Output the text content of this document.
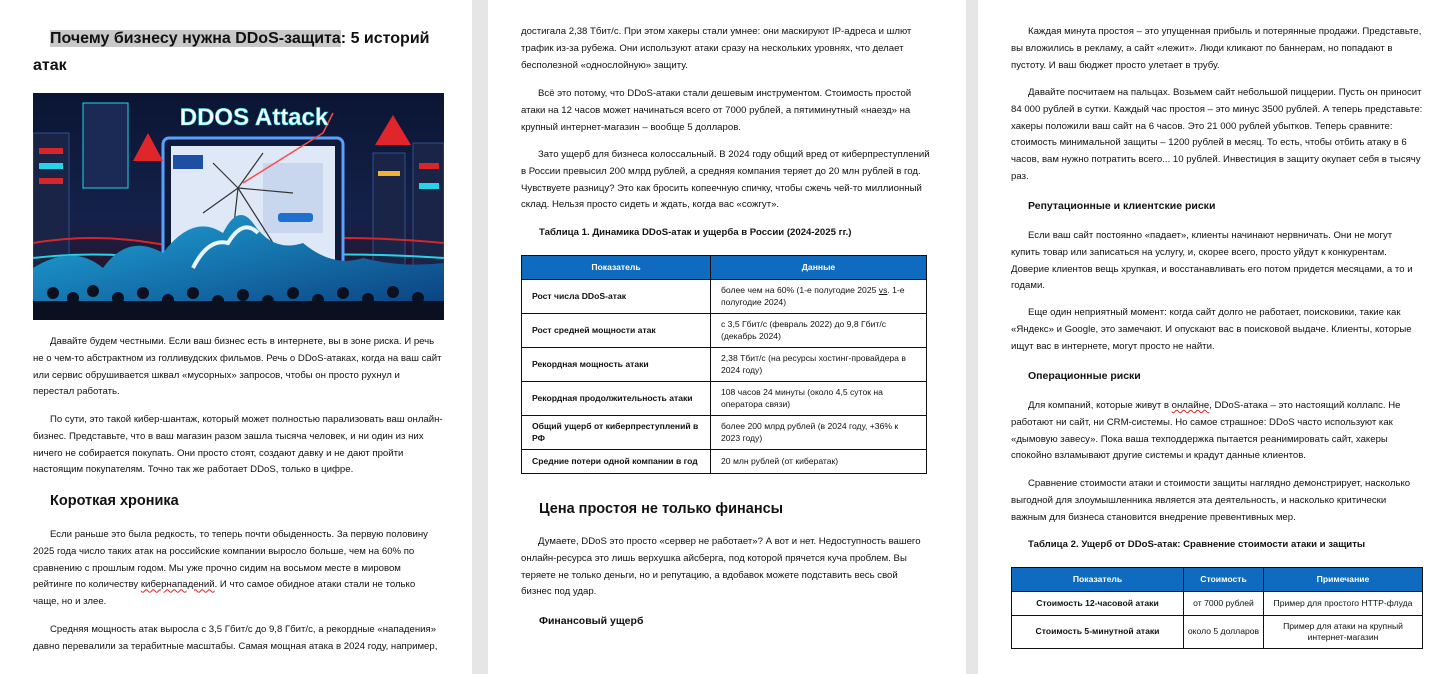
Почему бизнесу нужна DDoS-защита: 5 историй атак
DDOS Attack
Давайте будем честными. Если ваш бизнес есть в интернете, вы в зоне риска. И речь не о чем-то абстрактном из голливудских фильмов. Речь о DDoS-атаках, когда на ваш сайт или сервис обрушивается шквал «мусорных» запросов, чтобы он просто рухнул и перестал работать.
По сути, это такой кибер-шантаж, который может полностью парализовать ваш онлайн-бизнес. Представьте, что в ваш магазин разом зашла тысяча человек, и ни один из них ничего не собирается покупать. Они просто стоят, создают давку и не дают пройти настоящим покупателям. Точно так же работает DDoS, только в цифре.
Короткая хроника
Если раньше это была редкость, то теперь почти обыденность. За первую половину 2025 года число таких атак на российские компании выросло больше, чем на 60% по сравнению с прошлым годом. Мы уже прочно сидим на восьмом месте в мировом рейтинге по количеству кибернападений. И что самое обидное атаки стали не только чаще, но и злее.
Средняя мощность атак выросла с 3,5 Гбит/с до 9,8 Гбит/с, а рекордные «нападения» давно перевалили за терабитные масштабы. Самая мощная атака в 2024 году, например,
достигала 2,38 Тбит/с. При этом хакеры стали умнее: они маскируют IP-адреса и шлют трафик из-за рубежа. Они используют атаки сразу на нескольких уровнях, что делает бесполезной «однослойную» защиту.
Всё это потому, что DDoS-атаки стали дешевым инструментом. Стоимость простой атаки на 12 часов может начинаться всего от 7000 рублей, а пятиминутный «наезд» на крупный интернет-магазин – вообще 5 долларов.
Зато ущерб для бизнеса колоссальный. В 2024 году общий вред от киберпреступлений в России превысил 200 млрд рублей, а средняя компания теряет до 20 млн рублей в год. Чувствуете разницу? Это как бросить копеечную спичку, чтобы сжечь чей-то миллионный склад. Нельзя просто сидеть и ждать, когда вас «сожгут».
Таблица 1. Динамика DDoS-атак и ущерба в России (2024-2025 гг.)
Показатель	Данные
Рост числа DDoS-атак	более чем на 60% (1-е полугодие 2025 vs. 1-е полугодие 2024)
Рост средней мощности атак	с 3,5 Гбит/с (февраль 2022) до 9,8 Гбит/с (декабрь 2024)
Рекордная мощность атаки	2,38 Тбит/с (на ресурсы хостинг-провайдера в 2024 году)
Рекордная продолжительность атаки	108 часов 24 минуты (около 4,5 суток на оператора связи)
Общий ущерб от киберпреступлений в РФ	более 200 млрд рублей (в 2024 году, +36% к 2023 году)
Средние потери одной компании в год	20 млн рублей (от кибератак)
Цена простоя не только финансы
Думаете, DDoS это просто «сервер не работает»? А вот и нет. Недоступность вашего онлайн-ресурса это лишь верхушка айсберга, под которой прячется куча проблем. Вы теряете не только деньги, но и репутацию, а вдобавок можете подставить весь свой бизнес под удар.
Финансовый ущерб
Каждая минута простоя – это упущенная прибыль и потерянные продажи. Представьте, вы вложились в рекламу, а сайт «лежит». Люди кликают по баннерам, но попадают в пустоту. И ваш бюджет просто улетает в трубу.
Давайте посчитаем на пальцах. Возьмем сайт небольшой пиццерии. Пусть он приносит 84 000 рублей в сутки. Каждый час простоя – это минус 3500 рублей. А теперь представьте: хакеры положили ваш сайт на 6 часов. Это 21 000 рублей убытков. Теперь сравните: стоимость минимальной защиты – 1200 рублей в месяц. То есть, чтобы отбить атаку в 6 часов, вам нужно потратить всего... 10 рублей. Инвестиция в защиту окупает себя в тысячу раз.
Репутационные и клиентские риски
Если ваш сайт постоянно «падает», клиенты начинают нервничать. Они не могут купить товар или записаться на услугу, и, скорее всего, просто уйдут к конкурентам. Доверие клиентов вещь хрупкая, и восстанавливать его потом придется месяцами, а то и годами.
Еще один неприятный момент: когда сайт долго не работает, поисковики, такие как «Яндекс» и Google, это замечают. И опускают вас в поисковой выдаче. Клиенты, которые ищут вас в интернете, могут просто не найти.
Операционные риски
Для компаний, которые живут в онлайне, DDoS-атака – это настоящий коллапс. Не работают ни сайт, ни CRM-системы. Но самое страшное: DDoS часто используют как «дымовую завесу». Пока ваша техподдержка пытается реанимировать сайт, хакеры спокойно взламывают другие системы и крадут данные клиентов.
Сравнение стоимости атаки и стоимости защиты наглядно демонстрирует, насколько выгодной для злоумышленника является эта деятельность, и насколько критически важным для бизнеса становится внедрение превентивных мер.
Таблица 2. Ущерб от DDoS-атак: Сравнение стоимости атаки и защиты
Показатель	Стоимость	Примечание
Стоимость 12-часовой атаки	от 7000 рублей	Пример для простого HTTP-флуда
Стоимость 5-минутной атаки	около 5 долларов	Пример для атаки на крупный интернет-магазин
